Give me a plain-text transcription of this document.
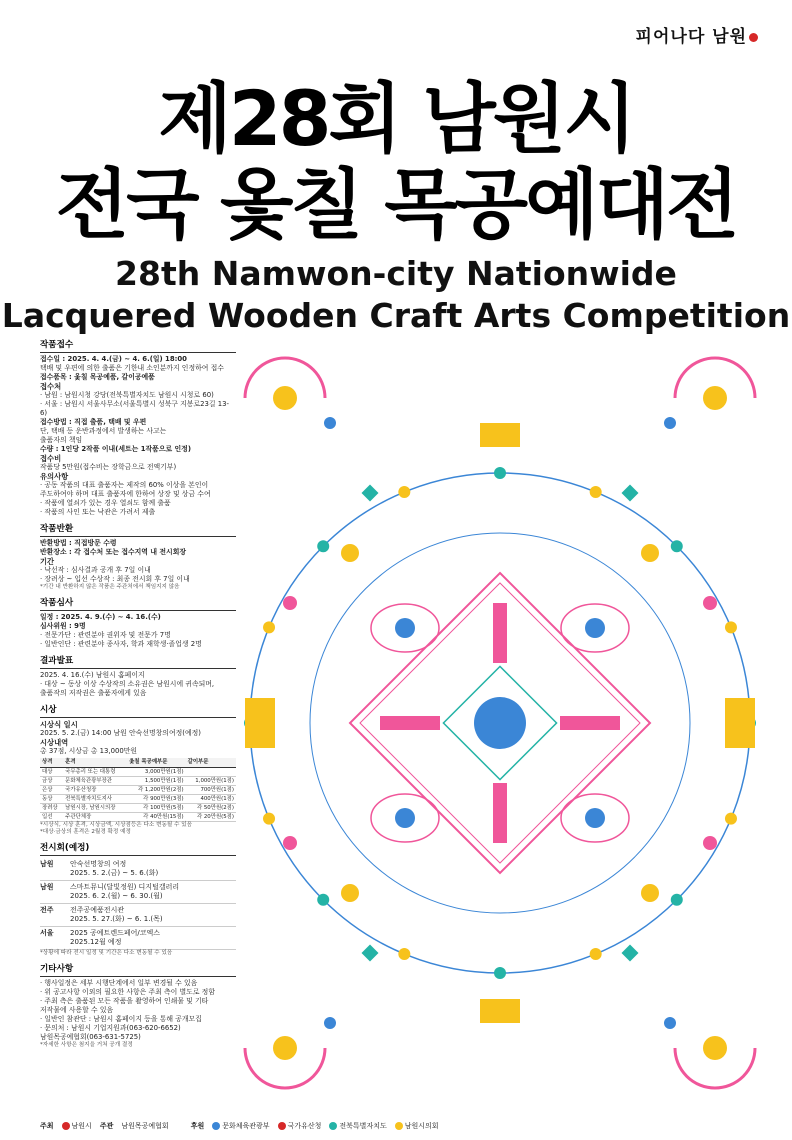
피어나다 남원
제28회 남원시
전국 옻칠 목공예대전
28th Namwon-city Nationwide
Lacquered Wooden Craft Arts Competition
작품접수
접수일 : 2025. 4. 4.(금) ~ 4. 6.(일) 18:00
택배 및 우편에 의한 출품은 기한내 소인분까지 인정하여 접수
접수품목 : 옻칠 목공예품, 갈이공예품
접수처
· 남원 : 남원시청 강당(전북특별자치도 남원시 시청로 60)
· 서울 : 남원시 서울사무소(서울특별시 성북구 지봉로23길 13-6)
접수방법 : 직접 출품, 택배 및 우편
단, 택배 등 운반과정에서 발생하는 사고는
출품자의 책임
수량 : 1인당 2작품 이내(세트는 1작품으로 인정)
접수비
작품당 5만원(접수비는 장학금으로 전액기부)
유의사항
· 공동 작품의 대표 출품자는 제작의 60% 이상을 본인이
주도하여야 하며 대표 출품자에 한하여 상장 및 상금 수여
· 작품에 열쇠가 있는 경우 열쇠도 함께 출품
· 작품의 사인 또는 낙관은 가려서 제출
작품반환
반환방법 : 직접방문 수령
반환장소 : 각 접수처 또는 접수지역 내 전시회장
기간
· 낙선작 : 심사결과 공개 후 7일 이내
· 장려상 ~ 입선 수상작 : 최종 전시회 후 7일 이내
*기간 내 반환하지 않은 작품은 주관처에서 책임지지 않음
작품심사
일정 : 2025. 4. 9.(수) ~ 4. 16.(수)
심사위원 : 9명
· 전문가단 : 관련분야 권위자 및 전문가 7명
· 일반인단 : 관련분야 종사자, 학과 재학생·졸업생 2명
결과발표
2025. 4. 16.(수) 남원시 홈페이지
· 대상 ~ 동상 이상 수상작의 소유권은 남원시에 귀속되며,
출품작의 저작권은 출품자에게 있음
시상
시상식 일시
2025. 5. 2.(금) 14:00 남원 안숙선명창의여정(예정)
시상내역
총 37점, 시상금 총 13,000만원
상격	훈격	옻칠 목공예부문	갈이부문
대상	국무총리 또는 대통령	3,000만원(1점)	
금상	문화체육관광부장관	1,500만원(1점)	1,000만원(1점)
은상	국가유산청장	각 1,200만원(2점)	700만원(1점)
동상	전북특별자치도지사	각 900만원(3점)	400만원(1점)
장려상	남원시장, 남원시의장	각 100만원(5점)	각 50만원(2점)
입선	주관단체장	각 40만원(15점)	각 20만원(5점)
*시상식, 시상 훈격, 시상금액, 시상점등은 다소 변동될 수 있음
*대상·금상의 훈격은 2월경 확정 예정
전시회(예정)
남원	안숙선명창의 여정
2025. 5. 2.(금) ~ 5. 6.(화)
남원	스마트뮤니(달빛정원) 디지털갤러리
2025. 6. 2.(월) ~ 6. 30.(월)
전주	전주공예품전시관
2025. 5. 27.(화) ~ 6. 1.(목)
서울	2025 공예트렌드페어/코엑스
2025.12월 예정
*상황에 따라 전시 일정 및 기간은 다소 변동될 수 있음
기타사항
· 행사일정은 세부 시행단계에서 일부 변경될 수 있음
· 위 공고사항 이외의 필요한 사항은 주최 측이 별도로 정함
· 주최 측은 출품된 모든 작품을 촬영하여 인쇄물 및 기타
저작물에 사용할 수 있음
· 일반인 참관단 : 남원시 홈페이지 등을 통해 공개모집
· 문의처 : 남원시 기업지원과(063-620-6652)
남원목공예협회(063-631-5725)
*자세한 사항은 첨지을 거쳐 공개 결정
주최	남원시 주관 남원목공예협회	후원	문화체육관광부	국가유산청	전북특별자치도	남원시의회
